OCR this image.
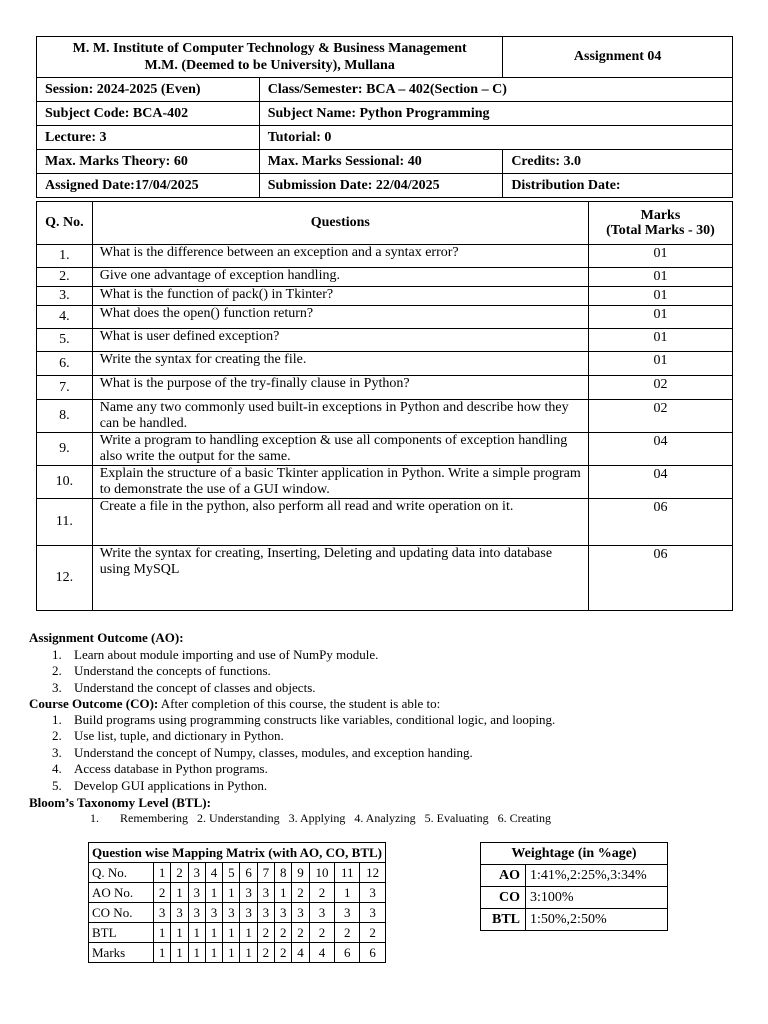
M. M. Institute of Computer Technology & Business Management
M.M. (Deemed to be University), Mullana		Assignment 04
Session: 2024-2025 (Even)	Class/Semester: BCA – 402(Section – C)	
Subject Code: BCA-402	Subject Name: Python Programming	
Lecture: 3	Tutorial: 0	
Max. Marks Theory: 60	Max. Marks Sessional: 40	Credits: 3.0
Assigned Date:17/04/2025	Submission Date: 22/04/2025	Distribution Date:
Q. No.	Questions	Marks
(Total Marks - 30)

1.	What is the difference between an exception and a syntax error?	01
2.	Give one advantage of exception handling.	01
3.	What is the function of pack() in Tkinter?	01
4.	What does the open() function return?	01
5.	What is user defined exception?	01
6.	Write the syntax for creating the file.	01
7.	What is the purpose of the try-finally clause in Python?	02
8.	Name any two commonly used built-in exceptions in Python and describe how they can be handled.	02
9.	Write a program to handling exception & use all components of exception handling also write the output for the same.	04
10.	Explain the structure of a basic Tkinter application in Python. Write a simple program to demonstrate the use of a GUI window.	04
11.	Create a file in the python, also perform all read and write operation on it.	06
12.	Write the syntax for creating, Inserting, Deleting and updating data into database using MySQL	06
Assignment Outcome (AO):
1. Learn about module importing and use of NumPy module.
2. Understand the concepts of functions.
3. Understand the concept of classes and objects.
Course Outcome (CO): After completion of this course, the student is able to:
1. Build programs using programming constructs like variables, conditional logic, and looping.
2. Use list, tuple, and dictionary in Python.
3. Understand the concept of Numpy, classes, modules, and exception handing.
4. Access database in Python programs.
5. Develop GUI applications in Python.
Bloom’s Taxonomy Level (BTL):
1.       Remembering 2. Understanding 3. Applying 4. Analyzing 5. Evaluating 6. Creating
Question wise Mapping Matrix (with AO, CO, BTL)												
Q. No.	1	2	3	4	5	6	7	8	9	10	11	12
AO No.	2	1	3	1	1	3	3	1	2	2	1	3
CO No.	3	3	3	3	3	3	3	3	3	3	3	3
BTL	1	1	1	1	1	1	2	2	2	2	2	2
Marks	1	1	1	1	1	1	2	2	4	4	6	6
Weightage (in %age)	
AO	1:41%,2:25%,3:34%
CO	3:100%
BTL	1:50%,2:50%
